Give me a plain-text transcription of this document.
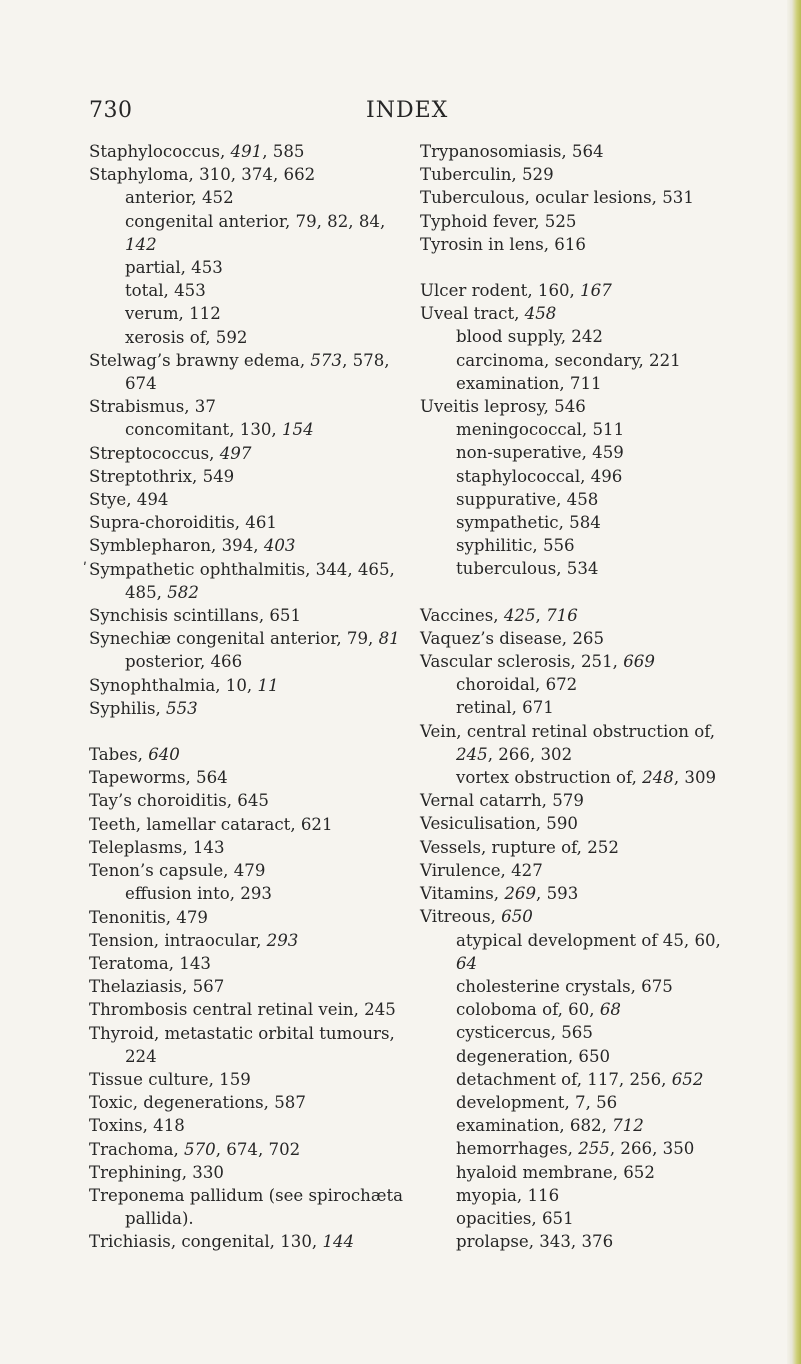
730	INDEX
Staphylococcus, 491, 585
Staphyloma, 310, 374, 662
anterior, 452
congenital anterior, 79, 82, 84,
142
partial, 453
total, 453
verum, 112
xerosis of, 592
Stelwag’s brawny edema, 573, 578,
674
Strabismus, 37
concomitant, 130, 154
Streptococcus, 497
Streptothrix, 549
Stye, 494
Supra-choroiditis, 461
Symblepharon, 394, 403
ʹ Sympathetic ophthalmitis, 344, 465,
485, 582
Synchisis scintillans, 651
Synechiæ congenital anterior, 79, 81
posterior, 466
Synophthalmia, 10, 11
Syphilis, 553
Tabes, 640
Tapeworms, 564
Tay’s choroiditis, 645
Teeth, lamellar cataract, 621
Teleplasms, 143
Tenon’s capsule, 479
effusion into, 293
Tenonitis, 479
Tension, intraocular, 293
Teratoma, 143
Thelaziasis, 567
Thrombosis central retinal vein, 245
Thyroid, metastatic orbital tumours,
224
Tissue culture, 159
Toxic, degenerations, 587
Toxins, 418
Trachoma, 570, 674, 702
Trephining, 330
Treponema pallidum (see spirochæta
pallida).
Trichiasis, congenital, 130, 144
Trypanosomiasis, 564
Tuberculin, 529
Tuberculous, ocular lesions, 531
Typhoid fever, 525
Tyrosin in lens, 616
Ulcer rodent, 160, 167
Uveal tract, 458
blood supply, 242
carcinoma, secondary, 221
examination, 711
Uveitis leprosy, 546
meningococcal, 511
non-superative, 459
staphylococcal, 496
suppurative, 458
sympathetic, 584
syphilitic, 556
tuberculous, 534
Vaccines, 425, 716
Vaquez’s disease, 265
Vascular sclerosis, 251, 669
choroidal, 672
retinal, 671
Vein, central retinal obstruction of,
245, 266, 302
vortex obstruction of, 248, 309
Vernal catarrh, 579
Vesiculisation, 590
Vessels, rupture of, 252
Virulence, 427
Vitamins, 269, 593
Vitreous, 650
atypical development of 45, 60,
64
cholesterine crystals, 675
coloboma of, 60, 68
cysticercus, 565
degeneration, 650
detachment of, 117, 256, 652
development, 7, 56
examination, 682, 712
hemorrhages, 255, 266, 350
hyaloid membrane, 652
myopia, 116
opacities, 651
prolapse, 343, 376
